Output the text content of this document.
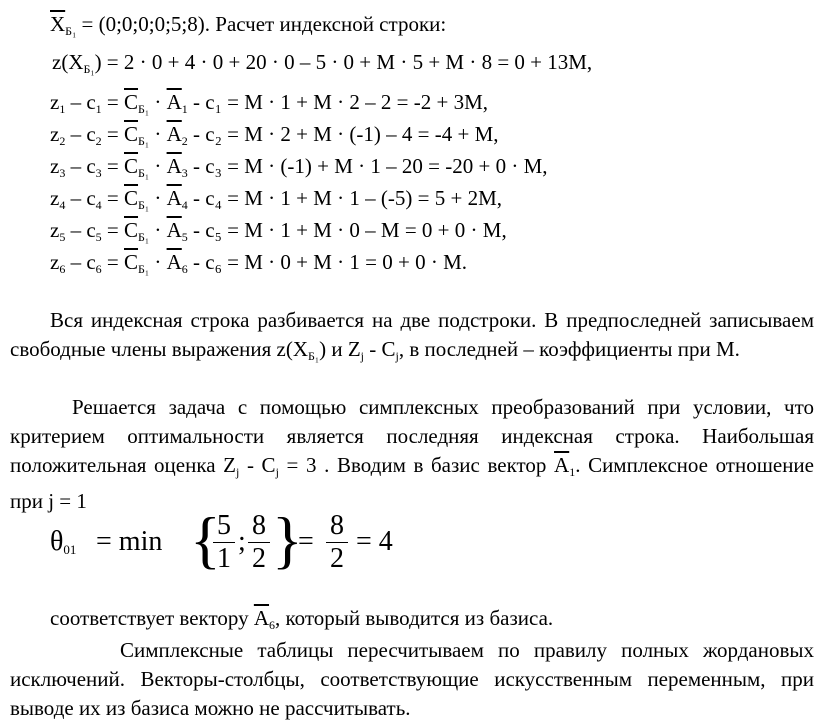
$\overline{X}_{Б_1}$ = (0;0;0;0;5;8). Расчет индексной строки:
$z(X_{Б_1}) = 2 \cdot 0 + 4 \cdot 0 + 20 \cdot 0 - 5 \cdot 0 + M \cdot 5 + M \cdot 8 = 0 + 13M$,
$z_1 - c_1 = \overline{C}_{Б_1} \cdot \overline{A}_1 - c_1 = M \cdot 1 + M \cdot 2 - 2 = -2 + 3M$,
$z_2 - c_2 = \overline{C}_{Б_1} \cdot \overline{A}_2 - c_2 = M \cdot 2 + M \cdot (-1) - 4 = -4 + M$,
$z_3 - c_3 = \overline{C}_{Б_1} \cdot \overline{A}_3 - c_3 = M \cdot (-1) + M \cdot 1 - 20 = -20 + 0 \cdot M$,
$z_4 - c_4 = \overline{C}_{Б_1} \cdot \overline{A}_4 - c_4 = M \cdot 1 + M \cdot 1 - (-5) = 5 + 2M$,
$z_5 - c_5 = \overline{C}_{Б_1} \cdot \overline{A}_5 - c_5 = M \cdot 1 + M \cdot 0 - M = 0 + 0 \cdot M$,
$z_6 - c_6 = \overline{C}_{Б_1} \cdot \overline{A}_6 - c_6 = M \cdot 0 + M \cdot 1 = 0 + 0 \cdot M$.
Вся индексная строка разбивается на две подстроки. В предпоследней записываем свободные члены выражения $z(X_{Б_1})$ и $Z_j - C_j$, в последней – коэффициенты при M.
Решается задача с помощью симплексных преобразований при условии, что критерием оптимальности является последняя индексная строка. Наибольшая положительная оценка $Z_j - C_j = 3$ . Вводим в базис вектор $\overline{A}_1$. Симплексное отношение при j = 1
$\theta_{01} = \min$ {
$\frac{5}{1}$ ; $\frac{8}{2}$ }
= $\frac{8}{2} = 4$
соответствует вектору $\overline{A}_6$, который выводится из базиса.
Симплексные таблицы пересчитываем по правилу полных жордановых исключений. Векторы-столбцы, соответствующие искусственным переменным, при выводе их из базиса можно не рассчитывать.
